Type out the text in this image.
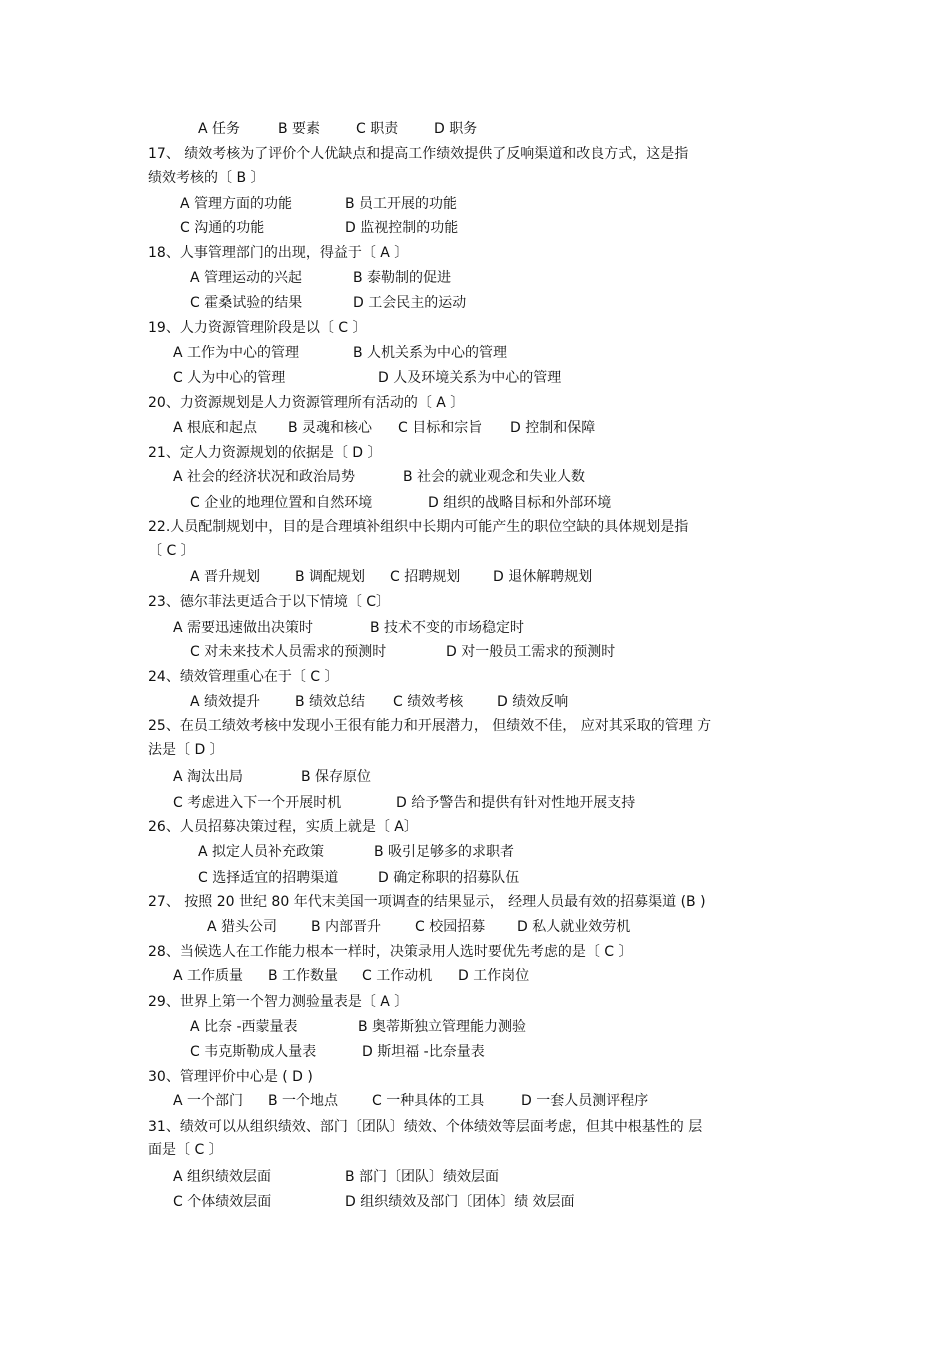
A 任务	B 要素	C 职责	D 职务
17、 绩效考核为了评价个人优缺点和提高工作绩效提供了反响渠道和改良方式，这是指
绩效考核的〔 B 〕
A 管理方面的功能	B 员工开展的功能
C 沟通的功能	D 监视控制的功能
18、人事管理部门的出现，得益于〔 A 〕
A 管理运动的兴起	B 泰勒制的促进
C 霍桑试验的结果	D 工会民主的运动
19、人力资源管理阶段是以〔 C 〕
A 工作为中心的管理	B 人机关系为中心的管理
C 人为中心的管理	D 人及环境关系为中心的管理
20、力资源规划是人力资源管理所有活动的〔 A 〕
A 根底和起点 B 灵魂和核心 C 目标和宗旨 D 控制和保障
21、定人力资源规划的依据是〔 D 〕
A 社会的经济状况和政治局势	B 社会的就业观念和失业人数
C 企业的地理位置和自然环境	D 组织的战略目标和外部环境
22.人员配制规划中，目的是合理填补组织中长期内可能产生的职位空缺的具体规划是指
〔 C 〕
A 晋升规划 B 调配规划 C 招聘规划 D 退休解聘规划
23、德尔菲法更适合于以下情境〔 C〕
A 需要迅速做出决策时	B 技术不变的市场稳定时
C 对未来技术人员需求的预测时	D 对一般员工需求的预测时
24、绩效管理重心在于〔 C 〕
A 绩效提升 B 绩效总结 C 绩效考核 D 绩效反响
25、在员工绩效考核中发现小王很有能力和开展潜力， 但绩效不佳， 应对其采取的管理 方
法是〔 D 〕
A 淘汰出局	B 保存原位
C 考虑进入下一个开展时机	D 给予警告和提供有针对性地开展支持
26、人员招募决策过程，实质上就是〔 A〕
A 拟定人员补充政策	B 吸引足够多的求职者
C 选择适宜的招聘渠道	D 确定称职的招募队伍
27、 按照 20 世纪 80 年代末美国一项调查的结果显示， 经理人员最有效的招募渠道 (B )
A 猎头公司 B 内部晋升 C 校园招募 D 私人就业效劳机
28、当候选人在工作能力根本一样时，决策录用人选时要优先考虑的是〔 C 〕
A 工作质量 B 工作数量 C 工作动机 D 工作岗位
29、世界上第一个智力测验量表是〔 A 〕
A 比奈 -西蒙量表	B 奥蒂斯独立管理能力测验
C 韦克斯勒成人量表	D 斯坦福 -比奈量表
30、管理评价中心是 ( D )
A 一个部门 B 一个地点 C 一种具体的工具	D 一套人员测评程序
31、绩效可以从组织绩效、部门〔团队〕绩效、个体绩效等层面考虑，但其中根基性的 层
面是〔 C 〕
A 组织绩效层面	B 部门〔团队〕绩效层面
C 个体绩效层面	D 组织绩效及部门〔团体〕绩 效层面
